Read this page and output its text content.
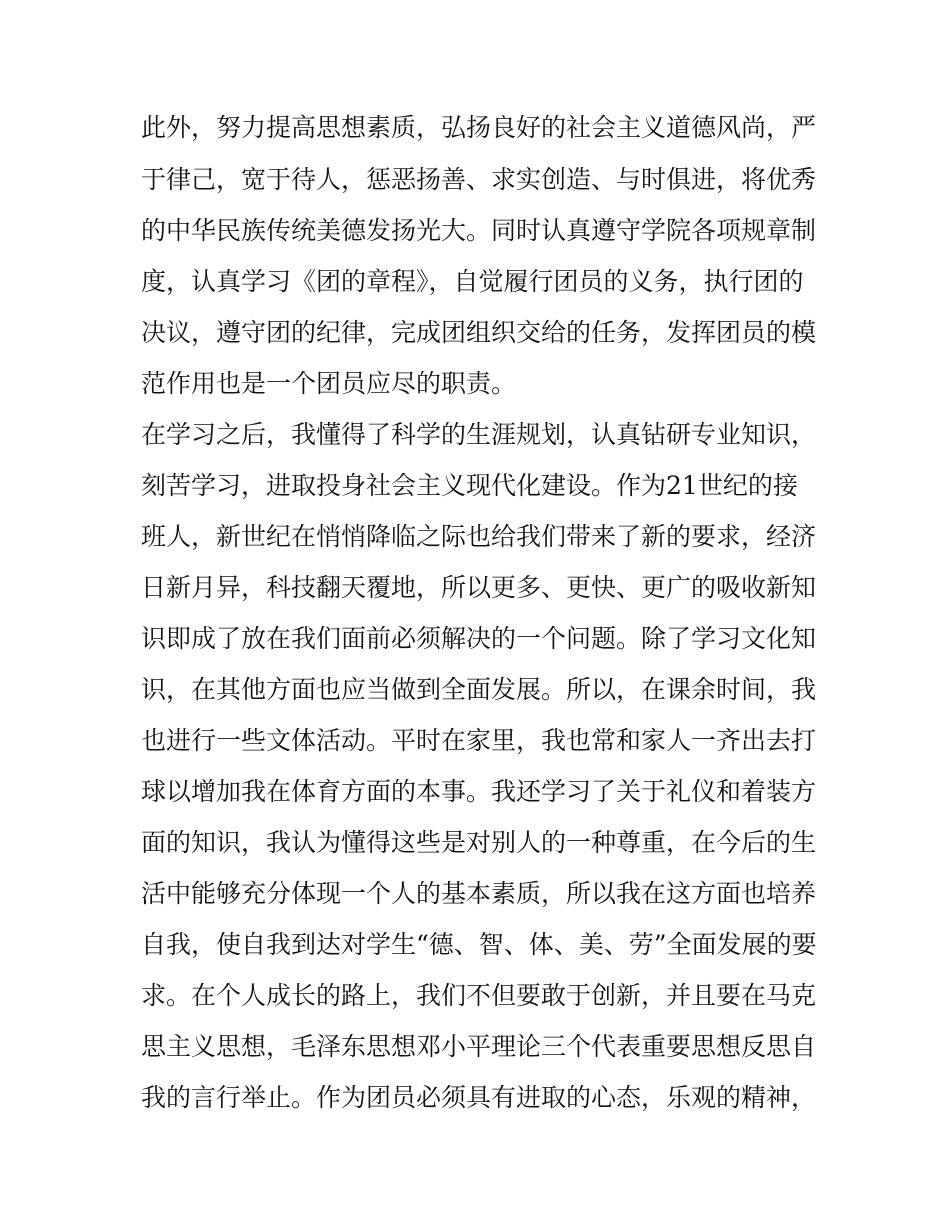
此外，努力提高思想素质，弘扬良好的社会主义道德风尚，严
于律己，宽于待人，惩恶扬善、求实创造、与时俱进，将优秀
的中华民族传统美德发扬光大。同时认真遵守学院各项规章制
度，认真学习《团的章程》，自觉履行团员的义务，执行团的
决议，遵守团的纪律，完成团组织交给的任务，发挥团员的模
范作用也是一个团员应尽的职责。
在学习之后，我懂得了科学的生涯规划，认真钻研专业知识，
刻苦学习，进取投身社会主义现代化建设。作为21世纪的接
班人，新世纪在悄悄降临之际也给我们带来了新的要求，经济
日新月异，科技翻天覆地，所以更多、更快、更广的吸收新知
识即成了放在我们面前必须解决的一个问题。除了学习文化知
识，在其他方面也应当做到全面发展。所以，在课余时间，我
也进行一些文体活动。平时在家里，我也常和家人一齐出去打
球以增加我在体育方面的本事。我还学习了关于礼仪和着装方
面的知识，我认为懂得这些是对别人的一种尊重，在今后的生
活中能够充分体现一个人的基本素质，所以我在这方面也培养
自我，使自我到达对学生“德、智、体、美、劳”全面发展的要
求。在个人成长的路上，我们不但要敢于创新，并且要在马克
思主义思想，毛泽东思想邓小平理论三个代表重要思想反思自
我的言行举止。作为团员必须具有进取的心态，乐观的精神，
